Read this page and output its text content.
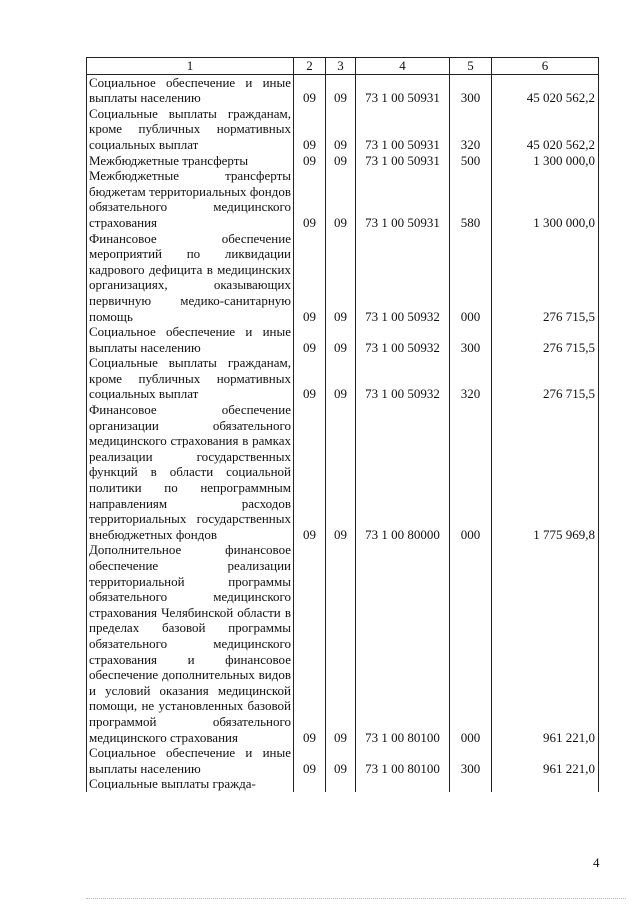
1	2	3	4	5	6
Социальное обеспечение и иные выплаты населению	09	09	73 1 00 50931	300	45 020 562,2
Социальные выплаты гражданам, кроме публичных нормативных социальных выплат	09	09	73 1 00 50931	320	45 020 562,2
Межбюджетные трансферты	09	09	73 1 00 50931	500	1 300 000,0
Межбюджетные трансферты бюджетам территориальных фондов обязательного медицинского страхования	09	09	73 1 00 50931	580	1 300 000,0
Финансовое обеспечение мероприятий по ликвидации кадрового дефицита в медицинских организациях, оказывающих первичную медико-санитарную помощь	09	09	73 1 00 50932	000	276 715,5
Социальное обеспечение и иные выплаты населению	09	09	73 1 00 50932	300	276 715,5
Социальные выплаты гражданам, кроме публичных нормативных социальных выплат	09	09	73 1 00 50932	320	276 715,5
Финансовое обеспечение организации обязательного медицинского страхования в рамках реализации государственных функций в области социальной политики по непрограммным направлениям расходов территориальных государственных внебюджетных фондов	09	09	73 1 00 80000	000	1 775 969,8
Дополнительное финансовое обеспечение реализации территориальной программы обязательного медицинского страхования Челябинской области в пределах базовой программы обязательного медицинского страхования и финансовое обеспечение дополнительных видов и условий оказания медицинской помощи, не установленных базовой программой обязательного медицинского страхования	09	09	73 1 00 80100	000	961 221,0
Социальное обеспечение и иные выплаты населению	09	09	73 1 00 80100	300	961 221,0
Социальные выплаты гражда-					
4
